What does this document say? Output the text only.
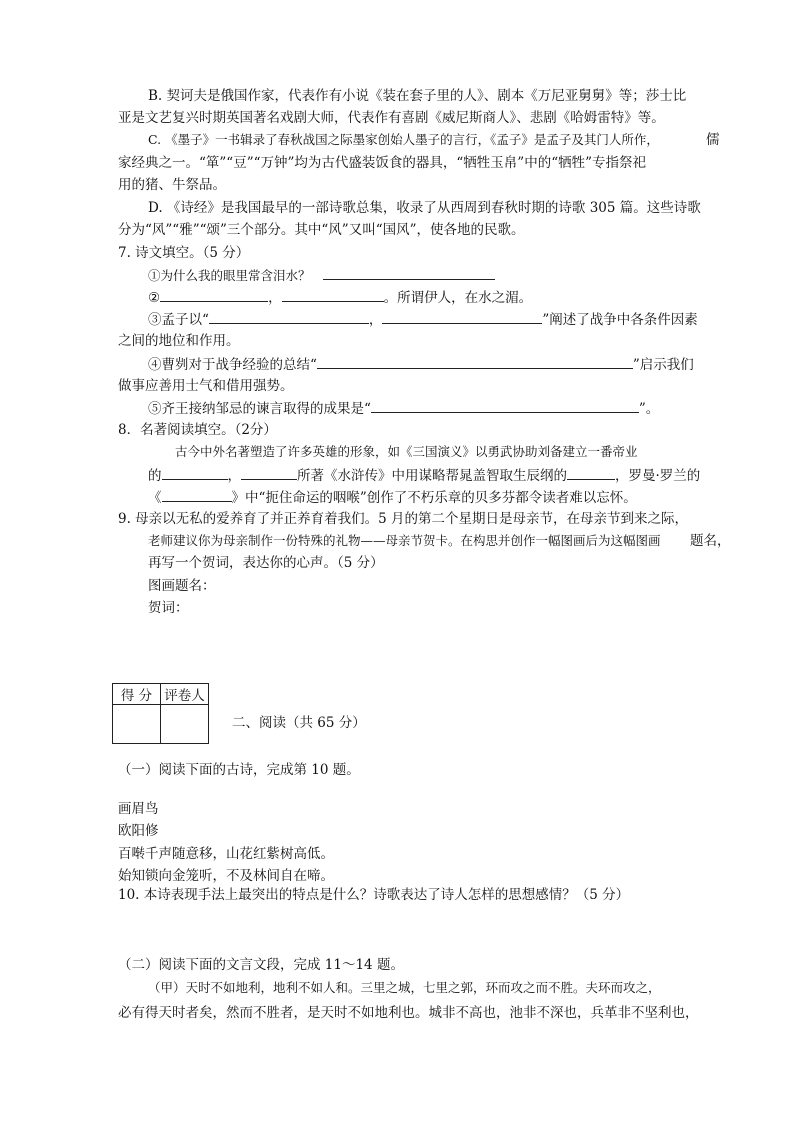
B. 契诃夫是俄国作家，代表作有小说《装在套子里的人》、剧本《万尼亚舅舅》等；莎士比
亚是文艺复兴时期英国著名戏剧大师，代表作有喜剧《威尼斯商人》、悲剧《哈姆雷特》等。
C. 《墨子》一书辑录了春秋战国之际墨家创始人墨子的言行，《孟子》是孟子及其门人所作，	儒
家经典之一。“箪”“豆”“万钟”均为古代盛装饭食的器具，“牺牲玉帛”中的“牺牲”专指祭祀
用的猪、牛祭品。
D. 《诗经》是我国最早的一部诗歌总集，收录了从西周到春秋时期的诗歌 305 篇。这些诗歌
分为“风”“雅”“颂”三个部分。其中“风”又叫“国风”，使各地的民歌。
7. 诗文填空。（5 分）
①为什么我的眼里常含泪水？
②	，	。所谓伊人，在水之湄。
③孟子以“	，	”阐述了战争中各条件因素
之间的地位和作用。
④曹刿对于战争经验的总结“	”启示我们
做事应善用士气和借用强势。
⑤齐王接纳邹忌的谏言取得的成果是“	”。
8．名著阅读填空。（2分）
古今中外名著塑造了许多英雄的形象，如《三国演义》以勇武协助刘备建立一番帝业
的	，	所著《水浒传》中用谋略帮晁盖智取生辰纲的	，罗曼·罗兰的
《	》中“扼住命运的咽喉”创作了不朽乐章的贝多芬都令读者难以忘怀。
9. 母亲以无私的爱养育了并正养育着我们。5 月的第二个星期日是母亲节，在母亲节到来之际，
老师建议你为母亲制作一份特殊的礼物——母亲节贺卡。在构思并创作一幅图画后为这幅图画 题名，
再写一个贺词，表达你的心声。（5 分）
图画题名：
贺词：
得 分	评卷人

二、阅读（共 65 分）
（一）阅读下面的古诗，完成第 10 题。
画眉鸟
欧阳修
百啭千声随意移，山花红紫树高低。
始知锁向金笼听，不及林间自在啼。
10. 本诗表现手法上最突出的特点是什么？诗歌表达了诗人怎样的思想感情？（5 分）
（二）阅读下面的文言文段，完成 11～14 题。
（甲）天时不如地利，地利不如人和。三里之城，七里之郭，环而攻之而不胜。夫环而攻之，
必有得天时者矣，然而不胜者，是天时不如地利也。城非不高也，池非不深也，兵革非不坚利也，
